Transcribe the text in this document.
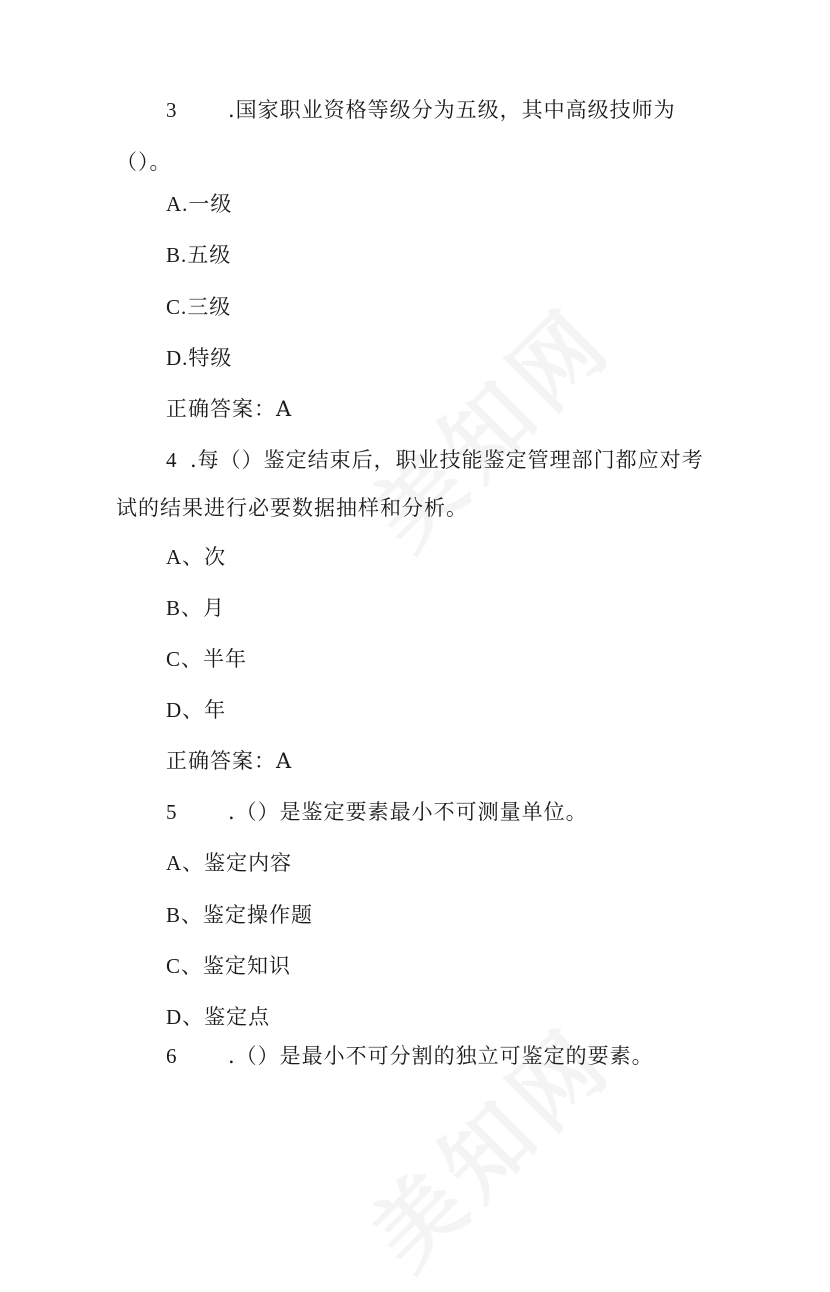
3 .国家职业资格等级分为五级，其中高级技师为
（）。
A.一级
B.五级
C.三级
D.特级
正确答案：A
4 .每（）鉴定结束后，职业技能鉴定管理部门都应对考
试的结果进行必要数据抽样和分析。
A、次
B、月
C、半年
D、年
正确答案：A
5 .（）是鉴定要素最小不可测量单位。
A、鉴定内容
B、鉴定操作题
C、鉴定知识
D、鉴定点
6 .（）是最小不可分割的独立可鉴定的要素。
